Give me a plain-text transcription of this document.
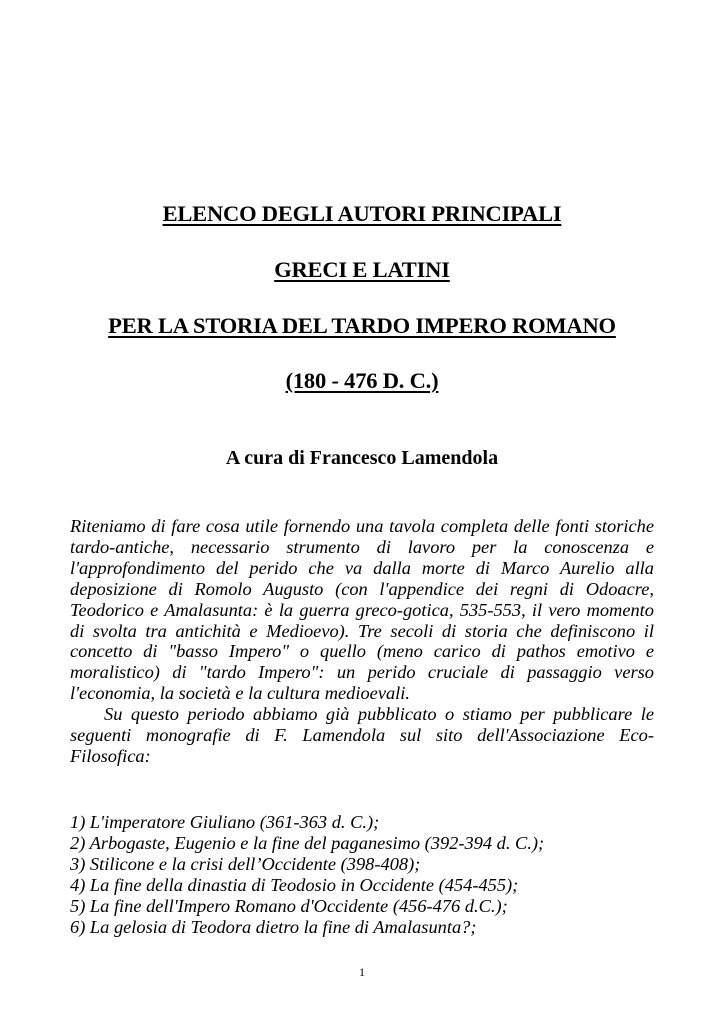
ELENCO DEGLI AUTORI PRINCIPALI
GRECI E LATINI
PER LA STORIA DEL TARDO IMPERO ROMANO
(180 - 476 D. C.)
A cura di Francesco Lamendola

Riteniamo di fare cosa utile fornendo una tavola completa delle fonti storiche tardo-antiche, necessario strumento di lavoro per la conoscenza e l'approfondimento del perido che va dalla morte di Marco Aurelio alla deposizione di Romolo Augusto (con l'appendice dei regni di Odoacre, Teodorico e Amalasunta: è la guerra greco-gotica, 535-553, il vero momento di svolta tra antichità e Medioevo). Tre secoli di storia che definiscono il concetto di "basso Impero" o quello (meno carico di pathos emotivo e moralistico) di "tardo Impero": un perido cruciale di passaggio verso l'economia, la società e la cultura medioevali.

Su questo periodo abbiamo già pubblicato o stiamo per pubblicare le seguenti monografie di F. Lamendola sul sito dell'Associazione Eco-Filosofica:

1) L'imperatore Giuliano (361-363 d. C.);
2) Arbogaste, Eugenio e la fine del paganesimo (392-394 d. C.);
3) Stilicone e la crisi dell’Occidente (398-408);
4) La fine della dinastia di Teodosio in Occidente (454-455);
5) La fine dell'Impero Romano d'Occidente (456-476 d.C.);
6) La gelosia di Teodora dietro la fine di Amalasunta?;
1
